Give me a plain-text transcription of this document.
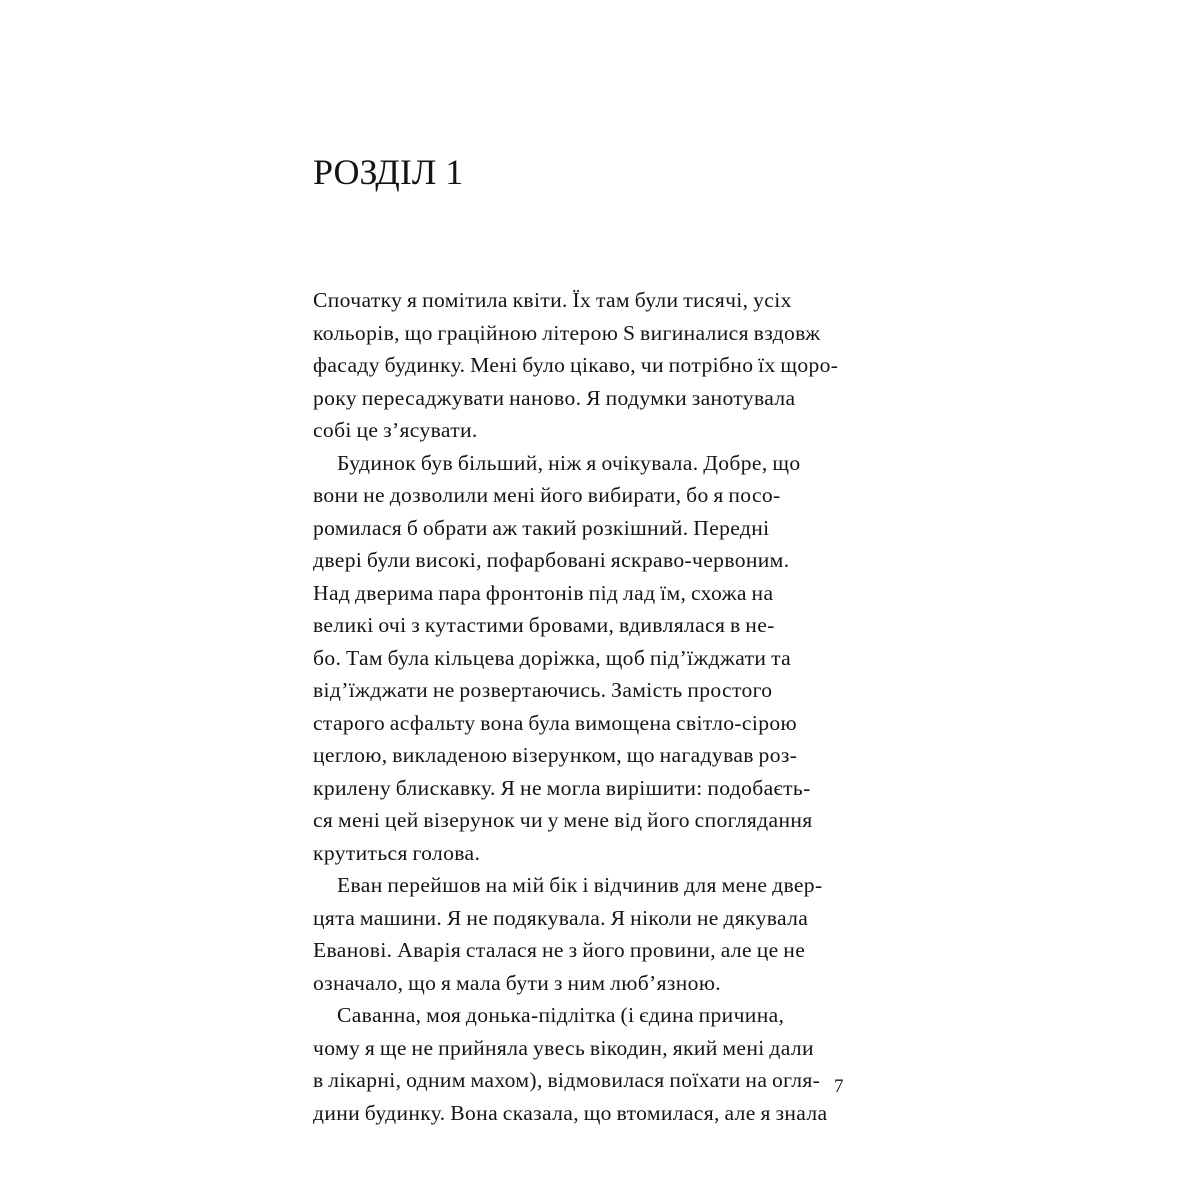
РОЗДІЛ 1
Спочатку я помітила квіти. Їх там були тисячі, усіх
кольорів, що граційною літерою S вигиналися вздовж
фасаду будинку. Мені було цікаво, чи потрібно їх щоро-
року пересаджувати наново. Я подумки занотувала
собі це з’ясувати.
Будинок був більший, ніж я очікувала. Добре, що
вони не дозволили мені його вибирати, бо я посо-
ромилася б обрати аж такий розкішний. Передні
двері були високі, пофарбовані яскраво-червоним.
Над дверима пара фронтонів під лад їм, схожа на
великі очі з кутастими бровами, вдивлялася в не-
бо. Там була кільцева доріжка, щоб під’їжджати та
від’їжджати не розвертаючись. Замість простого
старого асфальту вона була вимощена світло-сірою
цеглою, викладеною візерунком, що нагадував роз-
крилену блискавку. Я не могла вирішити: подобаєть-
ся мені цей візерунок чи у мене від його споглядання
крутиться голова.
Еван перейшов на мій бік і відчинив для мене двер-
цята машини. Я не подякувала. Я ніколи не дякувала
Еванові. Аварія сталася не з його провини, але це не
означало, що я мала бути з ним люб’язною.
Саванна, моя донька-підлітка (і єдина причина,
чому я ще не прийняла увесь вікодин, який мені дали
в лікарні, одним махом), відмовилася поїхати на огля-
дини будинку. Вона сказала, що втомилася, але я знала
7
